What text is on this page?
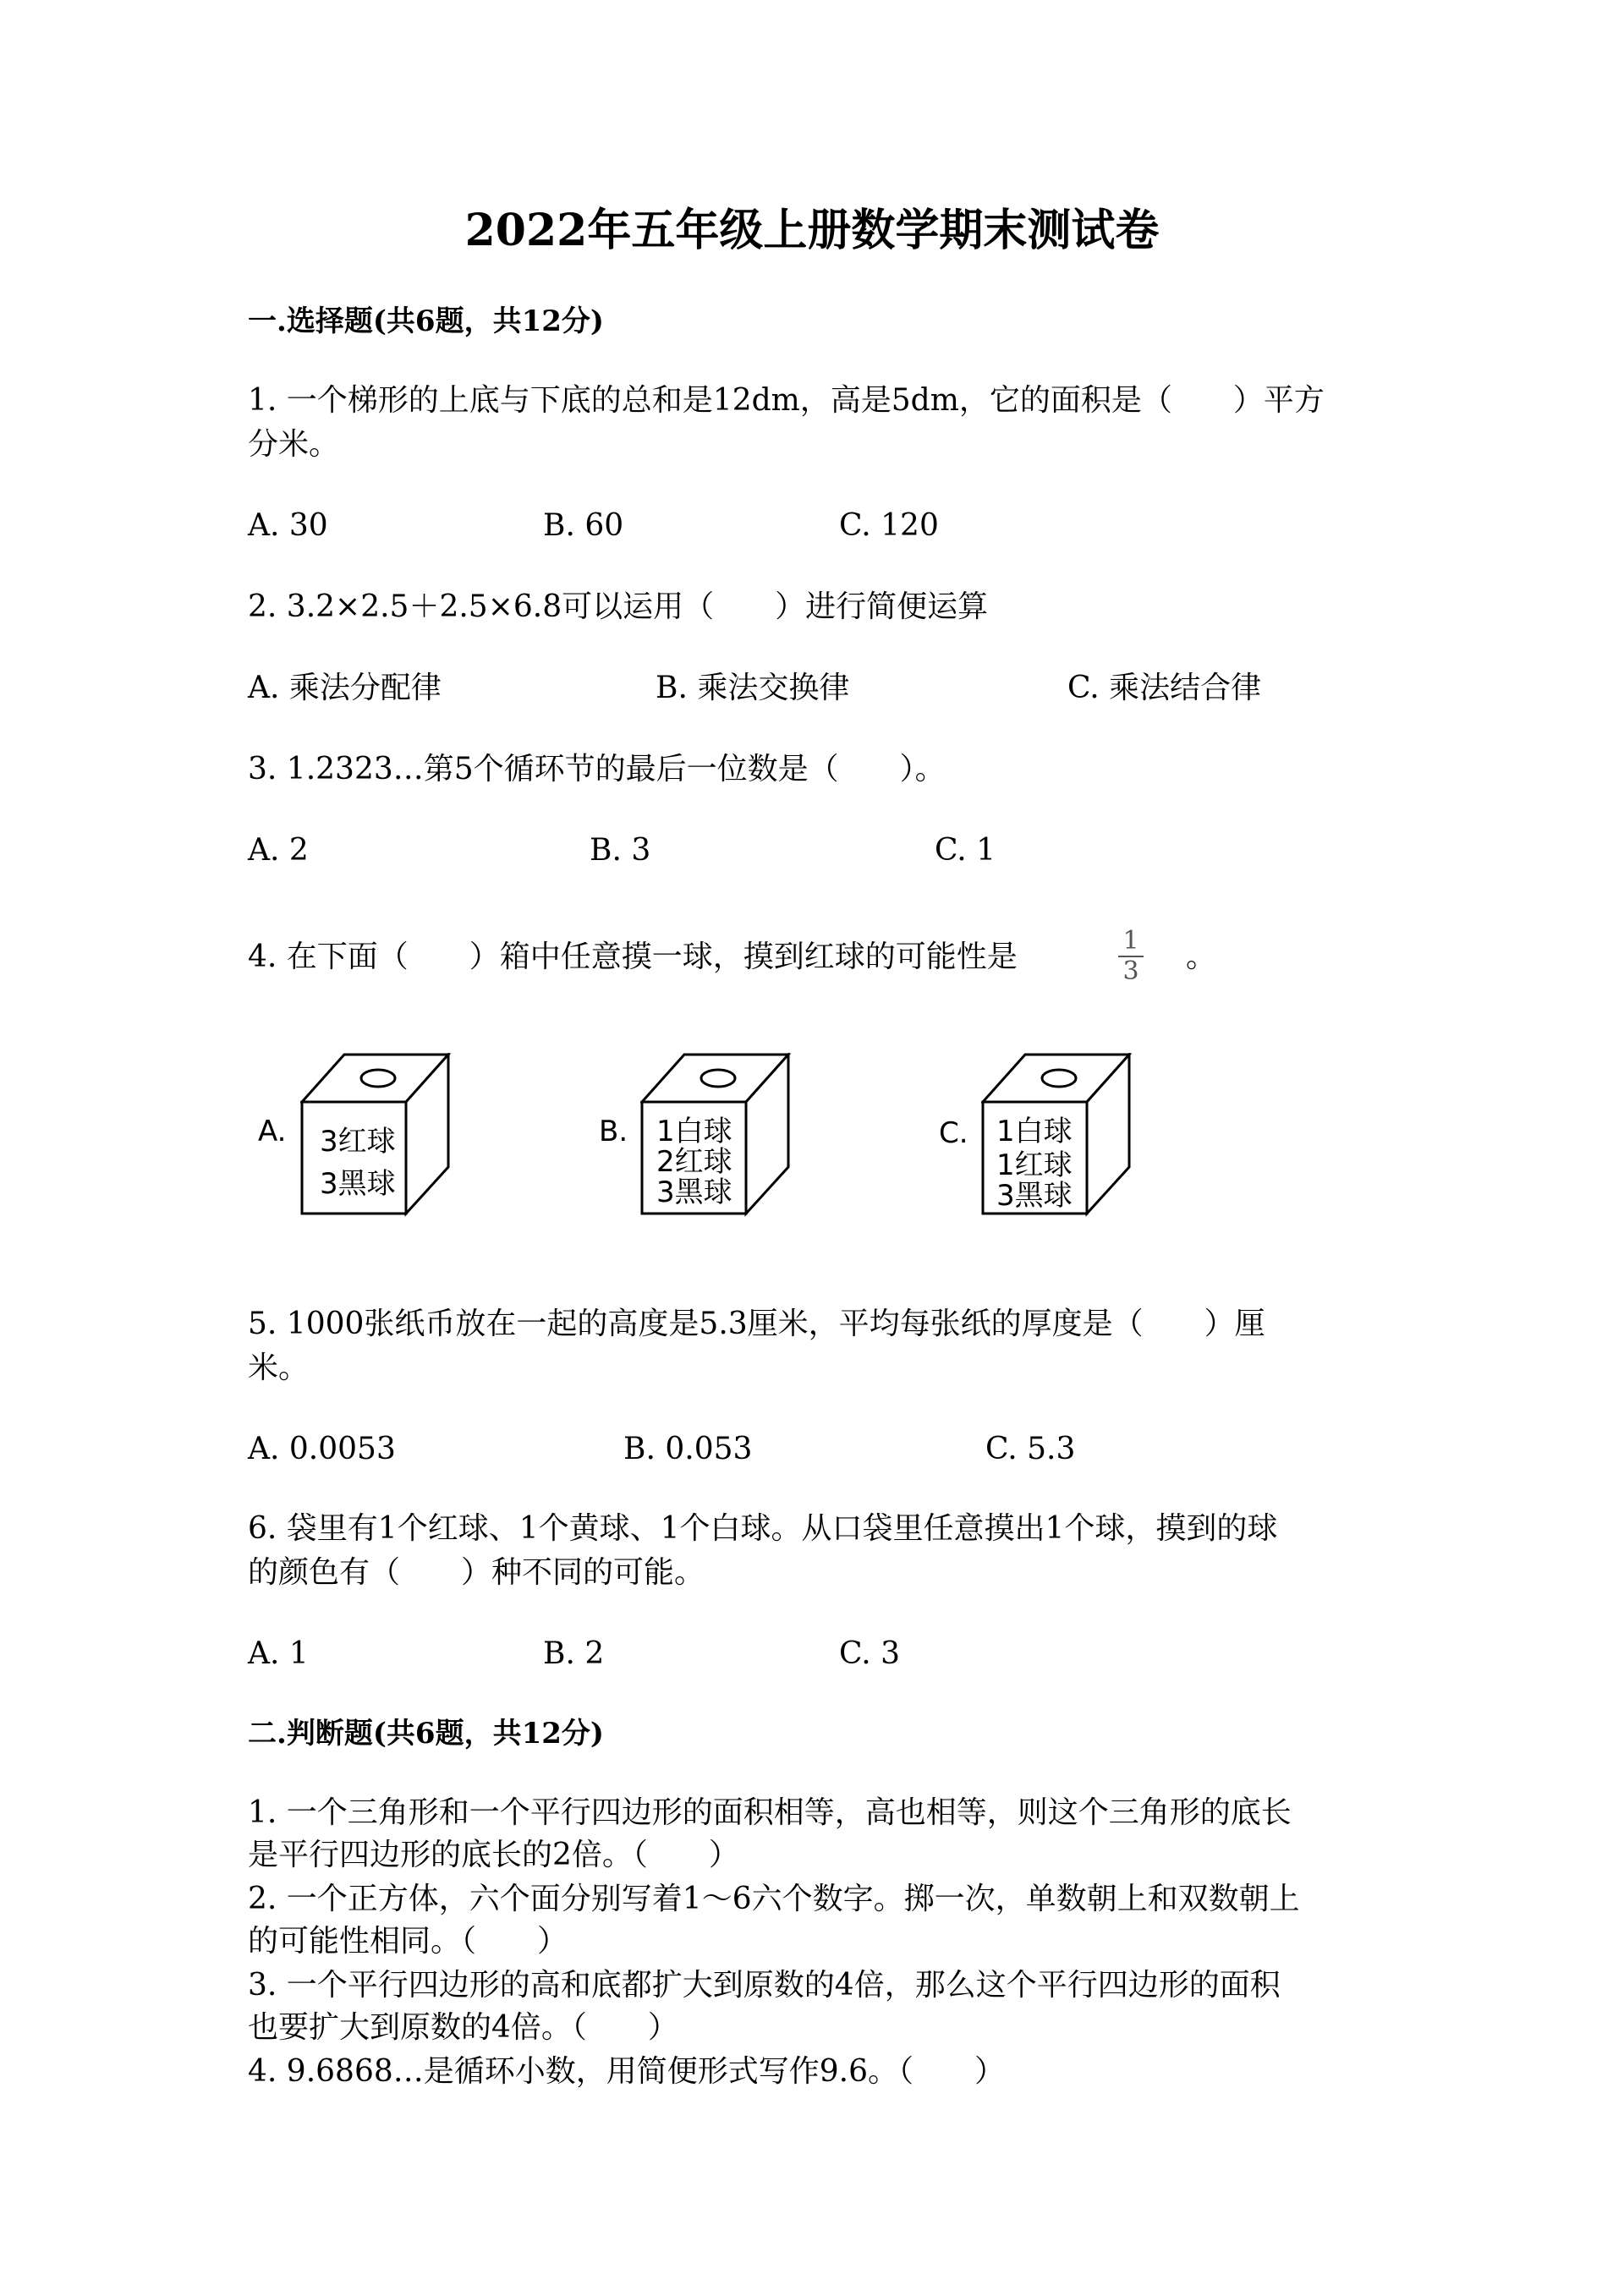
2022年五年级上册数学期末测试卷
一.选择题(共6题，共12分)
1. 一个梯形的上底与下底的总和是12dm，高是5dm，它的面积是（　　）平方
分米。
A. 30	B. 60	C. 120
2. 3.2×2.5＋2.5×6.8可以运用（　　）进行简便运算
A. 乘法分配律	B. 乘法交换律	C. 乘法结合律
3. 1.2323…第5个循环节的最后一位数是（　　）。
A. 2	B. 3	C. 1
4. 在下面（　　）箱中任意摸一球，摸到红球的可能性是	1
3 。
A. 3红球
3黑球
B. 1白球
2红球
3黑球
C. 1白球
1红球
3黑球
5. 1000张纸币放在一起的高度是5.3厘米，平均每张纸的厚度是（　　）厘
米。
A. 0.0053	B. 0.053	C. 5.3
6. 袋里有1个红球、1个黄球、1个白球。从口袋里任意摸出1个球，摸到的球
的颜色有（　　）种不同的可能。
A. 1	B. 2	C. 3
二.判断题(共6题，共12分)
1. 一个三角形和一个平行四边形的面积相等，高也相等，则这个三角形的底长
是平行四边形的底长的2倍。（　　）
2. 一个正方体，六个面分别写着1～6六个数字。掷一次，单数朝上和双数朝上
的可能性相同。（　　）
3. 一个平行四边形的高和底都扩大到原数的4倍，那么这个平行四边形的面积
也要扩大到原数的4倍。（　　）
4. 9.6868…是循环小数，用简便形式写作9.6。（　　）
